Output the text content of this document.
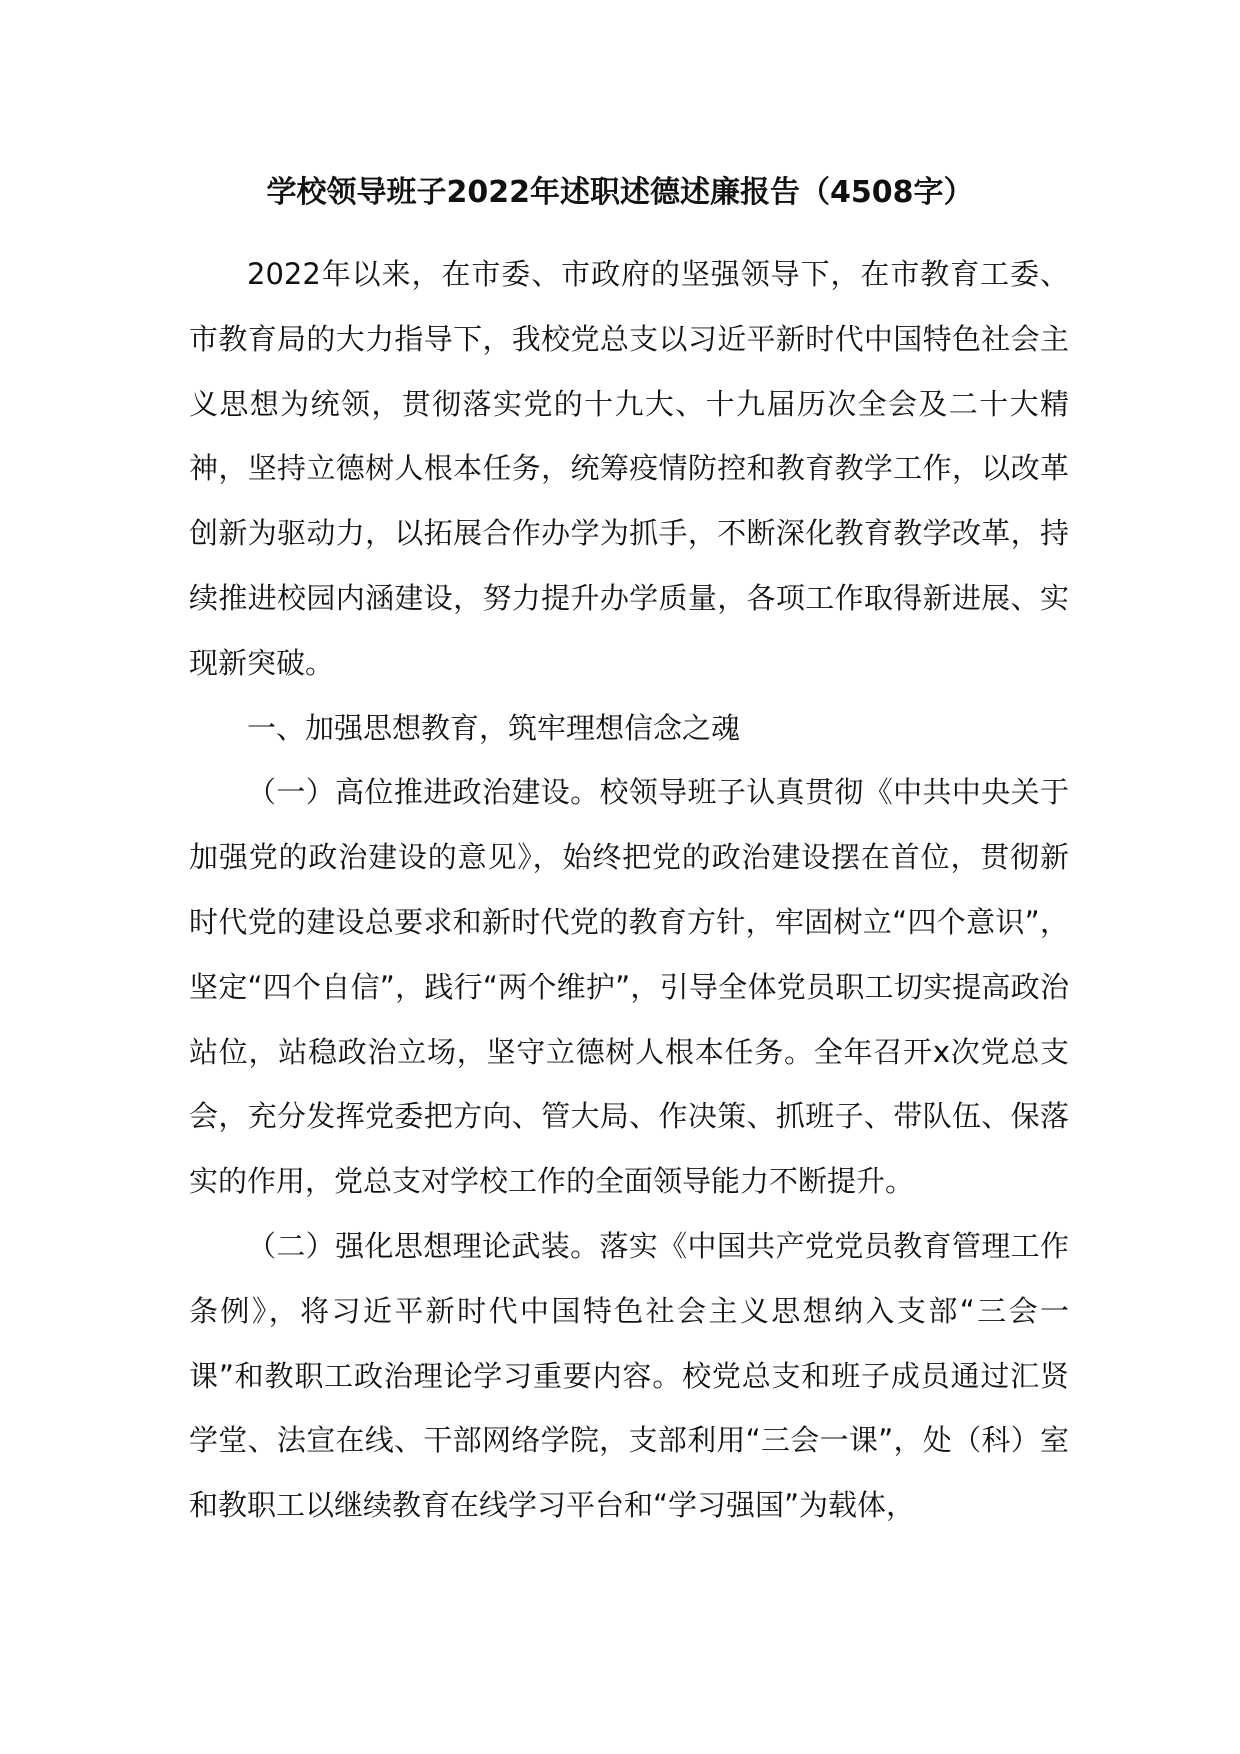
学校领导班子2022年述职述德述廉报告（4508字）

2022年以来，在市委、市政府的坚强领导下，在市教育工委、市教育局的大力指导下，我校党总支以习近平新时代中国特色社会主义思想为统领，贯彻落实党的十九大、十九届历次全会及二十大精神，坚持立德树人根本任务，统筹疫情防控和教育教学工作，以改革创新为驱动力，以拓展合作办学为抓手，不断深化教育教学改革，持续推进校园内涵建设，努力提升办学质量，各项工作取得新进展、实现新突破。

一、加强思想教育，筑牢理想信念之魂

（一）高位推进政治建设。校领导班子认真贯彻《中共中央关于加强党的政治建设的意见》，始终把党的政治建设摆在首位，贯彻新时代党的建设总要求和新时代党的教育方针，牢固树立“四个意识”，坚定“四个自信”，践行“两个维护”，引导全体党员职工切实提高政治站位，站稳政治立场，坚守立德树人根本任务。全年召开x次党总支会，充分发挥党委把方向、管大局、作决策、抓班子、带队伍、保落实的作用，党总支对学校工作的全面领导能力不断提升。

（二）强化思想理论武装。落实《中国共产党党员教育管理工作条例》，将习近平新时代中国特色社会主义思想纳入支部“三会一课”和教职工政治理论学习重要内容。校党总支和班子成员通过汇贤学堂、法宣在线、干部网络学院，支部利用“三会一课”，处（科）室和教职工以继续教育在线学习平台和“学习强国”为载体，
